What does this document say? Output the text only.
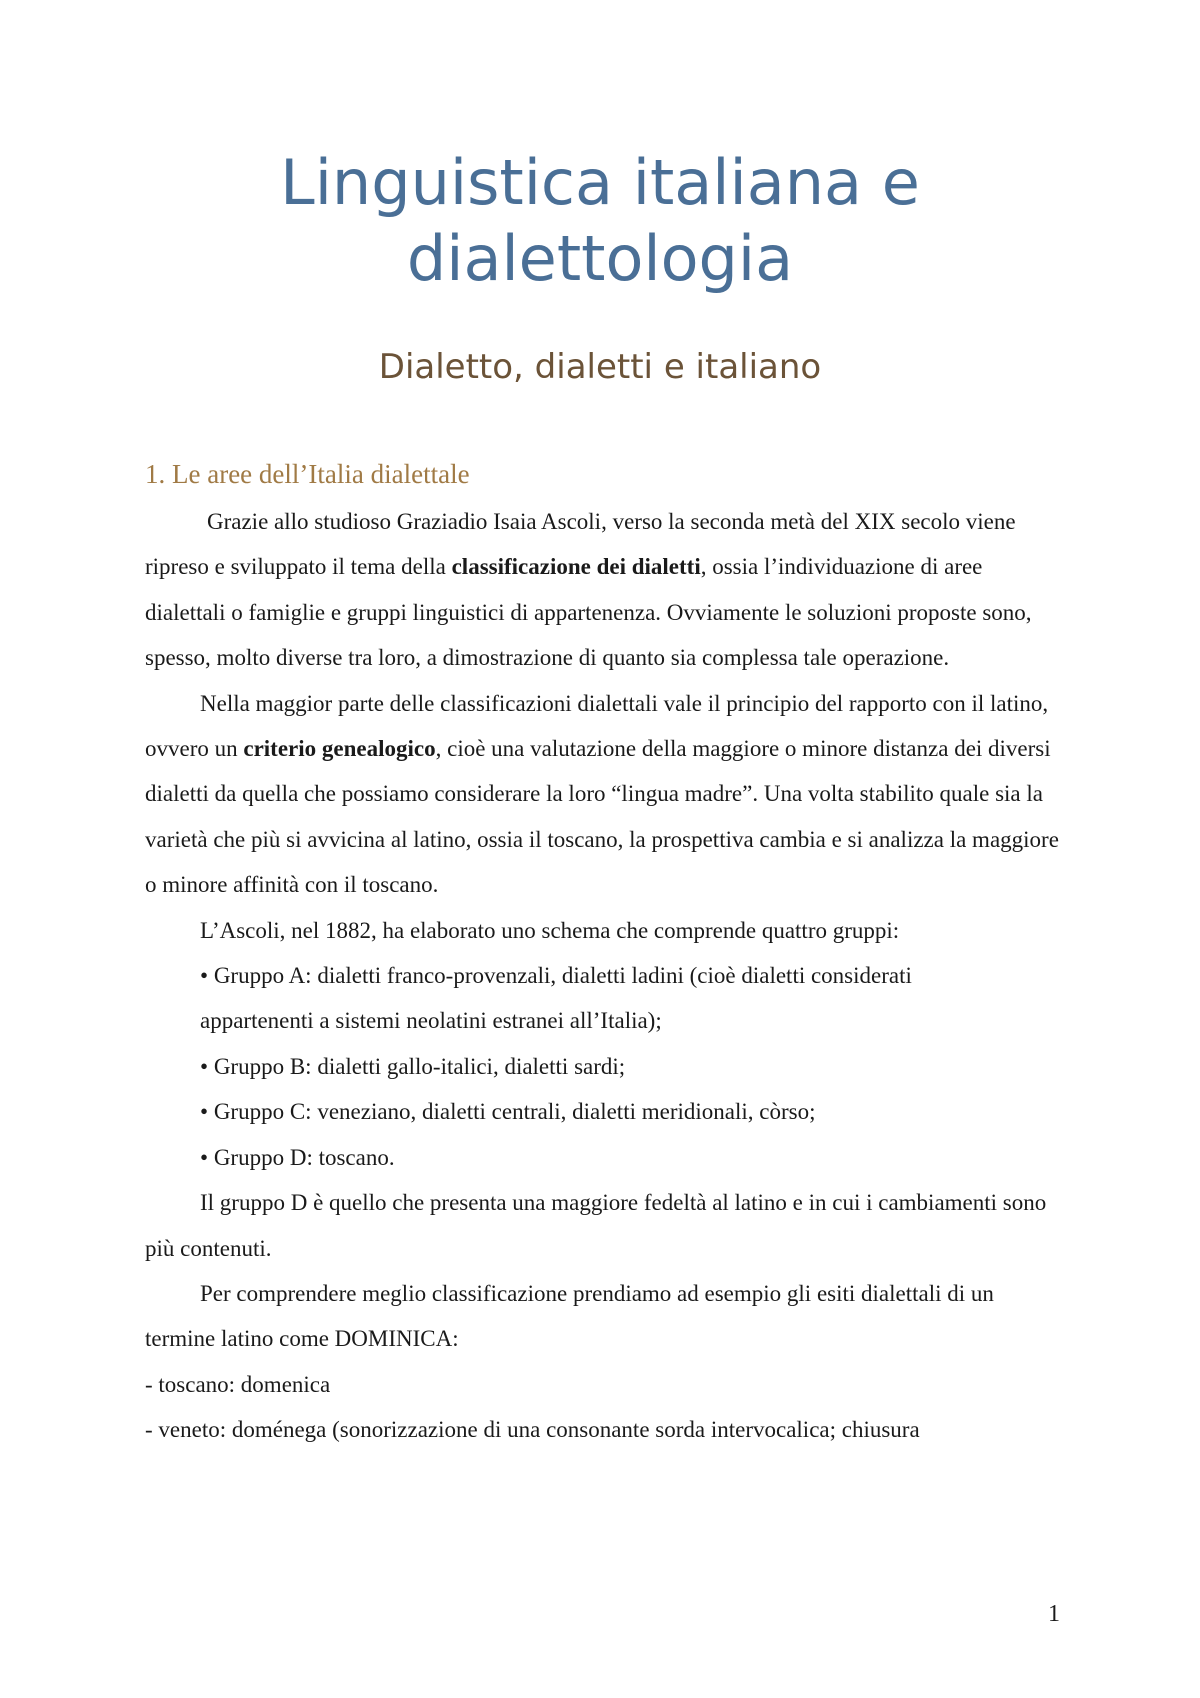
Linguistica italiana e
dialettologia
Dialetto, dialetti e italiano
1. Le aree dell’Italia dialettale

Grazie allo studioso Graziadio Isaia Ascoli, verso la seconda metà del XIX secolo viene ripreso e sviluppato il tema della classificazione dei dialetti, ossia l’individuazione di aree dialettali o famiglie e gruppi linguistici di appartenenza. Ovviamente le soluzioni proposte sono, spesso, molto diverse tra loro, a dimostrazione di quanto sia complessa tale operazione.

Nella maggior parte delle classificazioni dialettali vale il principio del rapporto con il latino, ovvero un criterio genealogico, cioè una valutazione della maggiore o minore distanza dei diversi dialetti da quella che possiamo considerare la loro “lingua madre”. Una volta stabilito quale sia la varietà che più si avvicina al latino, ossia il toscano, la prospettiva cambia e si analizza la maggiore o minore affinità con il toscano.

L’Ascoli, nel 1882, ha elaborato uno schema che comprende quattro gruppi:

• Gruppo A: dialetti franco-provenzali, dialetti ladini (cioè dialetti considerati

appartenenti a sistemi neolatini estranei all’Italia);

• Gruppo B: dialetti gallo-italici, dialetti sardi;

• Gruppo C: veneziano, dialetti centrali, dialetti meridionali, còrso;

• Gruppo D: toscano.

Il gruppo D è quello che presenta una maggiore fedeltà al latino e in cui i cambiamenti sono più contenuti.

Per comprendere meglio classificazione prendiamo ad esempio gli esiti dialettali di un termine latino come DOMINICA:

- toscano: domenica

- veneto: doménega (sonorizzazione di una consonante sorda intervocalica; chiusura

1
